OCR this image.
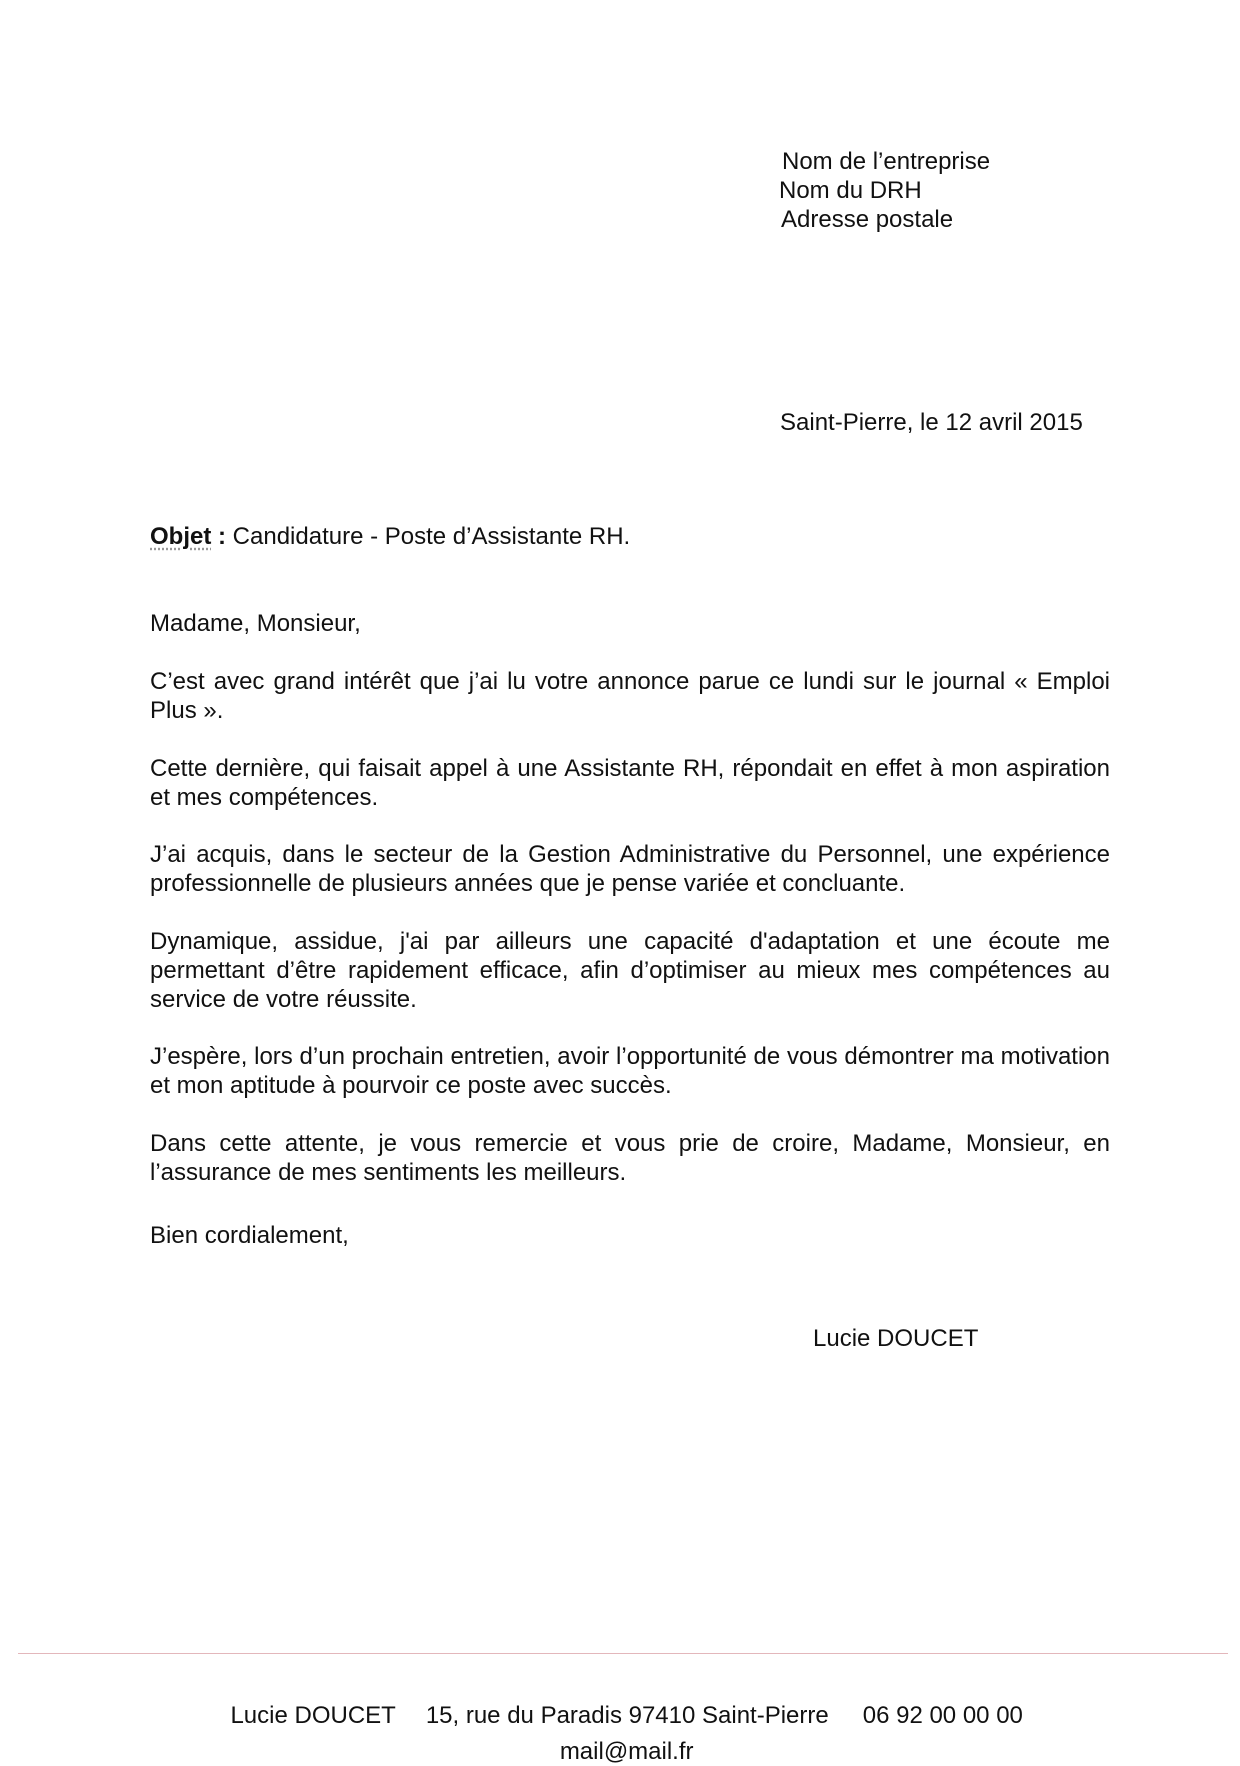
Nom de l’entreprise
Nom du DRH
Adresse postale
Saint-Pierre, le 12 avril 2015
Objet : Candidature - Poste d’Assistante RH.
Madame, Monsieur,
C’est avec grand intérêt que j’ai lu votre annonce parue ce lundi sur le journal « Emploi Plus ».
Cette dernière, qui faisait appel à une Assistante RH, répondait en effet à mon aspiration et mes compétences.
J’ai acquis, dans le secteur de la Gestion Administrative du Personnel, une expérience professionnelle de plusieurs années que je pense variée et concluante.
Dynamique, assidue, j'ai par ailleurs une capacité d'adaptation et une écoute me permettant d’être rapidement efficace, afin d’optimiser au mieux mes compétences au service de votre réussite.
J’espère, lors d’un prochain entretien, avoir l’opportunité de vous démontrer ma motivation et mon aptitude à pourvoir ce poste avec succès.
Dans cette attente, je vous remercie et vous prie de croire, Madame, Monsieur, en l’assurance de mes sentiments les meilleurs.
Bien cordialement,
Lucie DOUCET

Lucie DOUCET 15, rue du Paradis 97410 Saint-Pierre 06 92 00 00 00

mail@mail.fr
